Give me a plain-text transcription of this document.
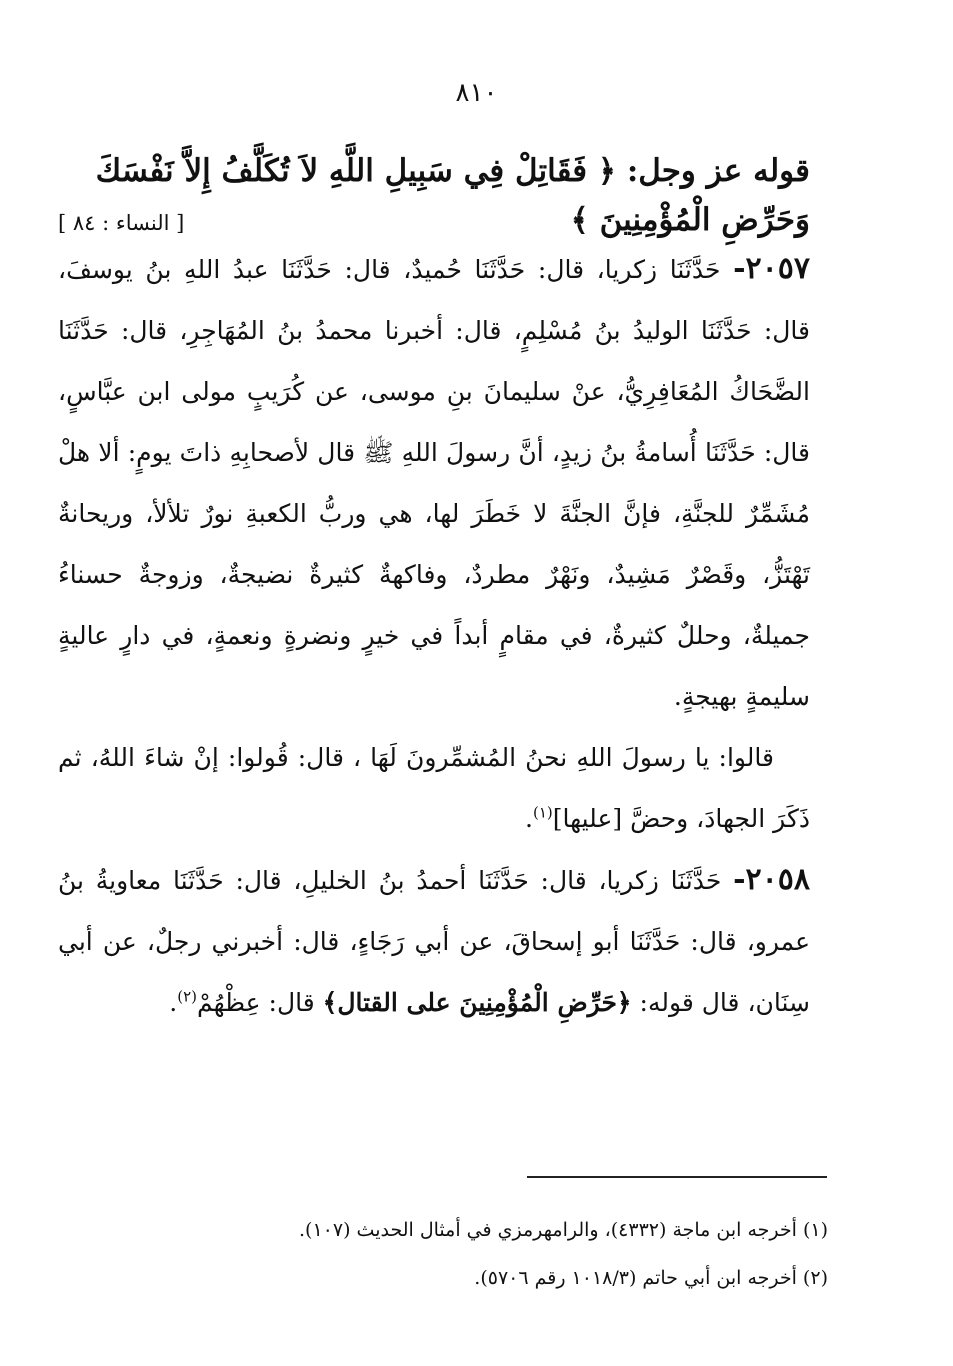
٨١٠

قوله عز وجل: ﴿ فَقَاتِلْ فِي سَبِيلِ اللَّهِ لاَ تُكَلَّفُ إِلاَّ نَفْسَكَ

وَحَرِّضِ الْمُؤْمِنِينَ ﴾
[ النساء : ٨٤ ]

٢٠٥٧- حَدَّثَنَا زكريا، قال: حَدَّثَنَا حُميدٌ، قال: حَدَّثَنَا عبدُ اللهِ بنُ يوسفَ، قال: حَدَّثَنَا الوليدُ بنُ مُسْلِمٍ، قال: أخبرنا محمدُ بنُ المُهَاجِرِ، قال: حَدَّثَنَا الضَّحَاكُ المُعَافِرِيُّ، عنْ سليمانَ بنِ موسى، عن كُرَيبٍ مولى ابن عبَّاسٍ، قال: حَدَّثَنَا أُسامةُ بنُ زيدٍ، أنَّ رسولَ اللهِ ﷺ قال لأصحابِهِ ذاتَ يومٍ: ألا هلْ مُشَمِّرٌ للجنَّةِ، فإنَّ الجنَّةَ لا خَطَرَ لها، هي وربُّ الكعبةِ نورٌ تلألأ، وريحانةٌ تَهْتَزُّ، وقَصْرٌ مَشِيدٌ، ونَهْرٌ مطردٌ، وفاكهةٌ كثيرةٌ نضيجةٌ، وزوجةٌ حسناءُ جميلةٌ، وحللٌ كثيرةٌ، في مقامٍ أبداً في خيرٍ ونضرةٍ ونعمةٍ، في دارٍ عاليةٍ سليمةٍ بهيجةٍ.

قالوا: يا رسولَ اللهِ نحنُ المُشمِّرونَ لَهَا ، قال: قُولوا: إنْ شاءَ اللهُ، ثم ذَكَرَ الجهادَ، وحضَّ [عليها]$^{(١)}$.

٢٠٥٨- حَدَّثَنَا زكريا، قال: حَدَّثَنَا أحمدُ بنُ الخليلِ، قال: حَدَّثَنَا معاويةُ بنُ عمرو، قال: حَدَّثَنَا أبو إسحاقَ، عن أبي رَجَاءٍ، قال: أخبرني رجلٌ، عن أبي سِنَان، قال قوله: ﴿حَرِّضِ الْمُؤْمِنِينَ على القتال﴾ قال: عِظْهُمْ$^{(٢)}$.

(١) أخرجه ابن ماجة (٤٣٣٢)، والرامهرمزي في أمثال الحديث (١٠٧).

(٢) أخرجه ابن أبي حاتم (١٠١٨/٣ رقم ٥٧٠٦).
